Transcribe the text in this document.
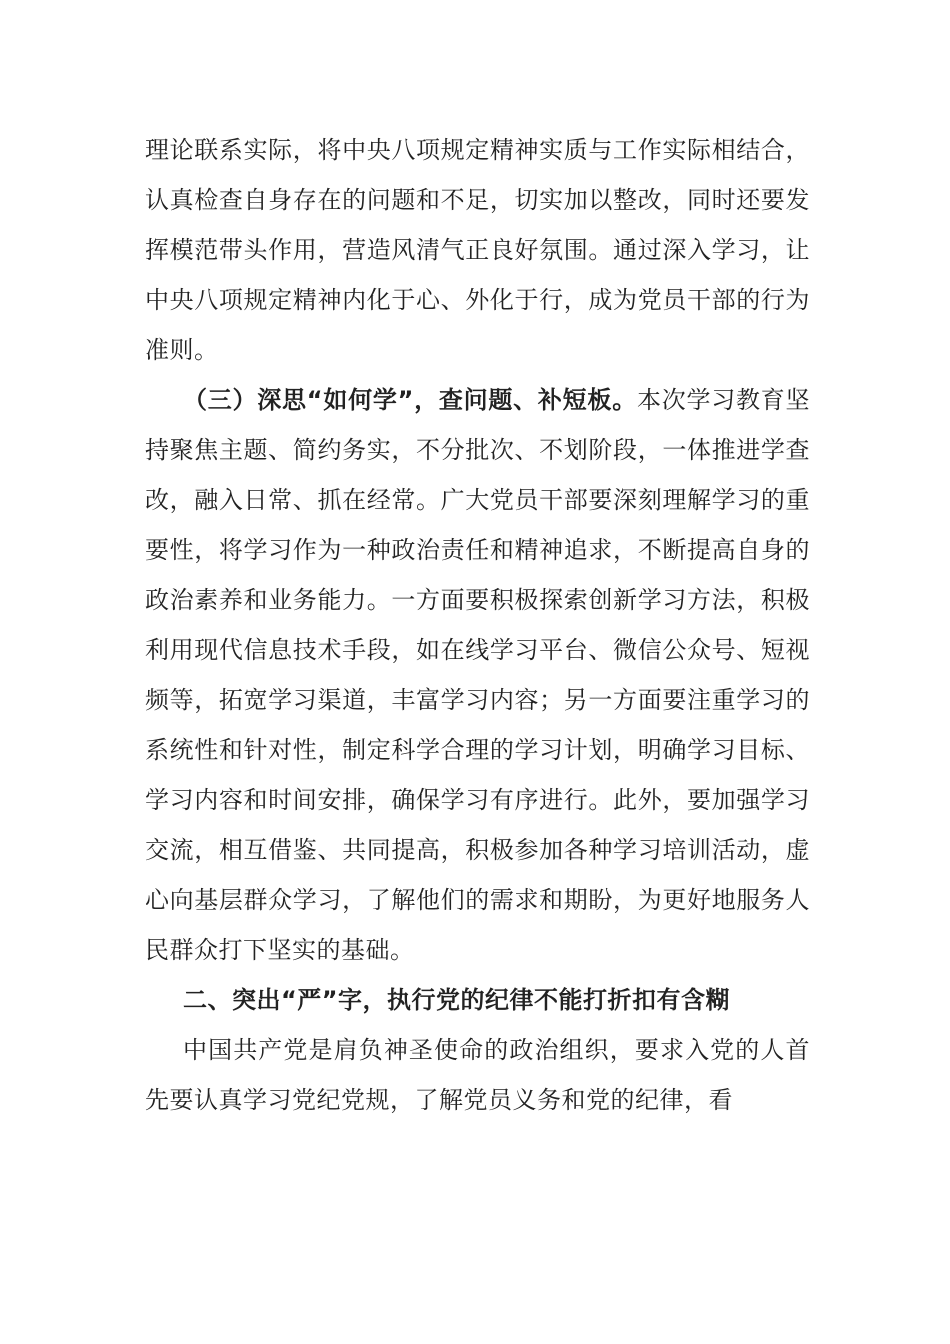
理论联系实际，将中央八项规定精神实质与工作实际相结合，认真检查自身存在的问题和不足，切实加以整改，同时还要发挥模范带头作用，营造风清气正良好氛围。通过深入学习，让中央八项规定精神内化于心、外化于行，成为党员干部的行为准则。

（三）深思“如何学”，查问题、补短板。本次学习教育坚持聚焦主题、简约务实，不分批次、不划阶段，一体推进学查改，融入日常、抓在经常。广大党员干部要深刻理解学习的重要性，将学习作为一种政治责任和精神追求，不断提高自身的政治素养和业务能力。一方面要积极探索创新学习方法，积极利用现代信息技术手段，如在线学习平台、微信公众号、短视频等，拓宽学习渠道，丰富学习内容；另一方面要注重学习的系统性和针对性，制定科学合理的学习计划，明确学习目标、学习内容和时间安排，确保学习有序进行。此外，要加强学习交流，相互借鉴、共同提高，积极参加各种学习培训活动，虚心向基层群众学习，了解他们的需求和期盼，为更好地服务人民群众打下坚实的基础。

二、突出“严”字，执行党的纪律不能打折扣有含糊

中国共产党是肩负神圣使命的政治组织，要求入党的人首先要认真学习党纪党规，了解党员义务和党的纪律，看
